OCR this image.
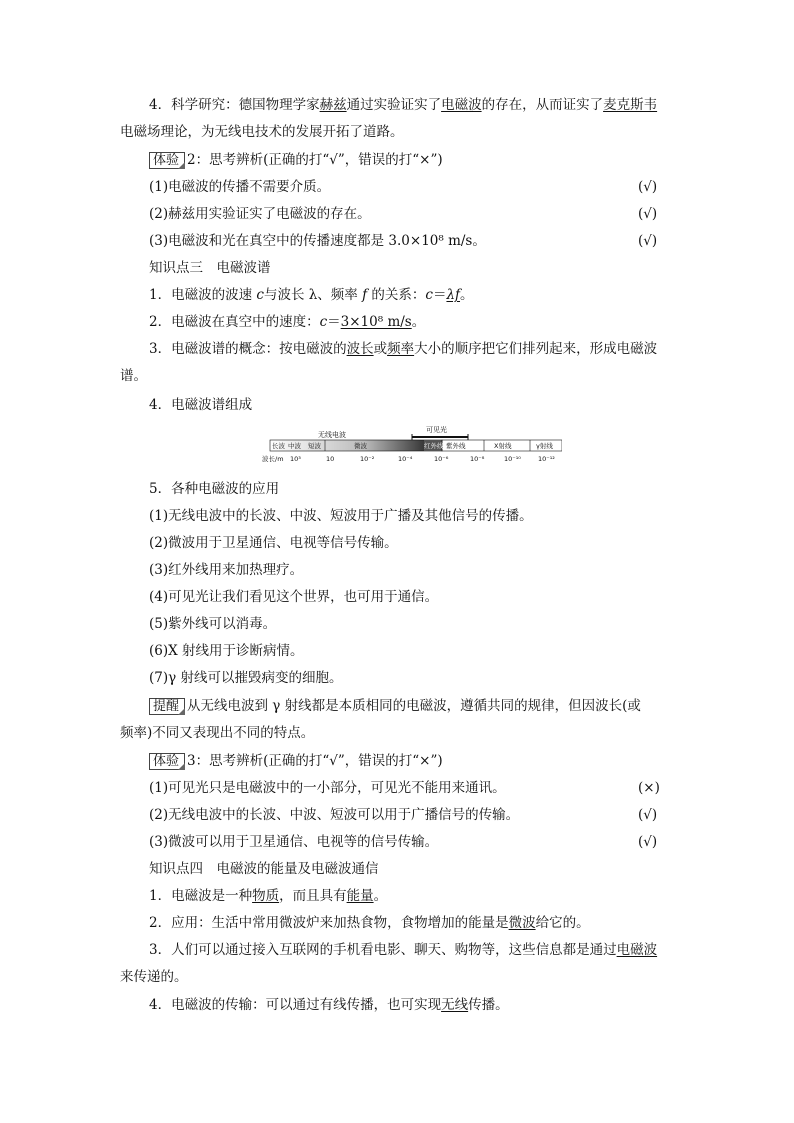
4．科学研究：德国物理学家赫兹通过实验证实了电磁波的存在，从而证实了麦克斯韦
电磁场理论，为无线电技术的发展开拓了道路。
体验 2：思考辨析(正确的打“√”，错误的打“×”)
(1)电磁波的传播不需要介质。	(√)
(2)赫兹用实验证实了电磁波的存在。	(√)
(3)电磁波和光在真空中的传播速度都是 3.0×10⁸ m/s。	(√)
知识点三　电磁波谱
1．电磁波的波速 c与波长 λ、频率 f 的关系：c＝λf。
2．电磁波在真空中的速度：c＝3×10⁸ m/s。
3．电磁波谱的概念：按电磁波的波长或频率大小的顺序把它们排列起来，形成电磁波
谱。
4．电磁波谱组成
无线电波
可见光
长波 中波 短波	微波	红外线 紫外线	X射线	γ射线
波长/m 10³	10	10⁻²	10⁻⁴	10⁻⁶	10⁻⁸	10⁻¹⁰	10⁻¹²
5．各种电磁波的应用
(1)无线电波中的长波、中波、短波用于广播及其他信号的传播。
(2)微波用于卫星通信、电视等信号传输。
(3)红外线用来加热理疗。
(4)可见光让我们看见这个世界，也可用于通信。
(5)紫外线可以消毒。
(6)X 射线用于诊断病情。
(7)γ 射线可以摧毁病变的细胞。
提醒 从无线电波到 γ 射线都是本质相同的电磁波，遵循共同的规律，但因波长(或
频率)不同又表现出不同的特点。
体验 3：思考辨析(正确的打“√”，错误的打“×”)
(1)可见光只是电磁波中的一小部分，可见光不能用来通讯。	(×)
(2)无线电波中的长波、中波、短波可以用于广播信号的传输。	(√)
(3)微波可以用于卫星通信、电视等的信号传输。	(√)
知识点四　电磁波的能量及电磁波通信
1．电磁波是一种物质，而且具有能量。
2．应用：生活中常用微波炉来加热食物，食物增加的能量是微波给它的。
3．人们可以通过接入互联网的手机看电影、聊天、购物等，这些信息都是通过电磁波
来传递的。
4．电磁波的传输：可以通过有线传播，也可实现无线传播。
